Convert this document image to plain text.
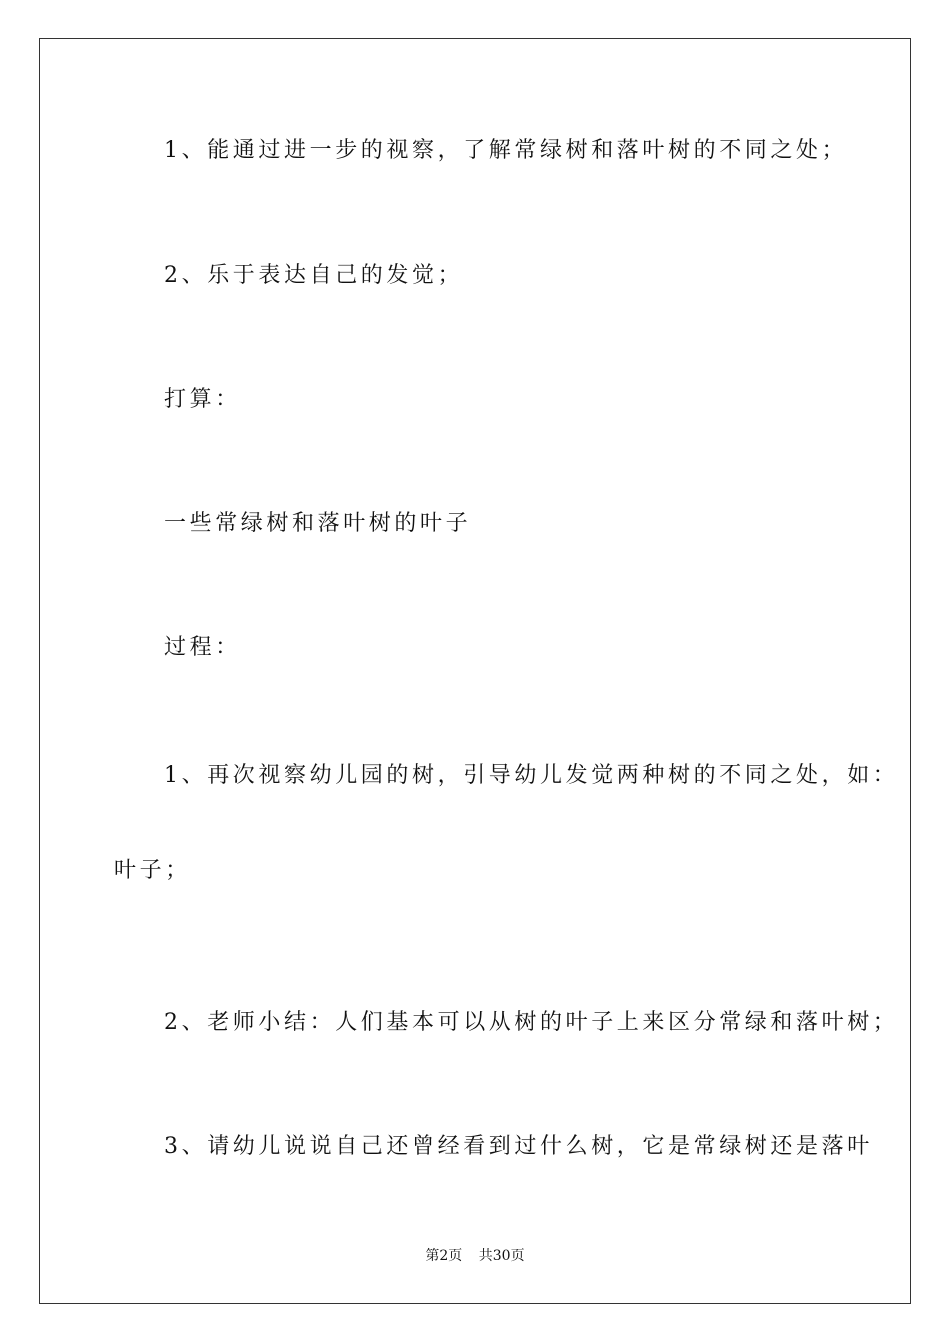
1、能通过进一步的视察，了解常绿树和落叶树的不同之处；
2、乐于表达自己的发觉；
打算：
一些常绿树和落叶树的叶子
过程：
1、再次视察幼儿园的树，引导幼儿发觉两种树的不同之处，如：
叶子；
2、老师小结：人们基本可以从树的叶子上来区分常绿和落叶树；
3、请幼儿说说自己还曾经看到过什么树，它是常绿树还是落叶
第2页 共30页
